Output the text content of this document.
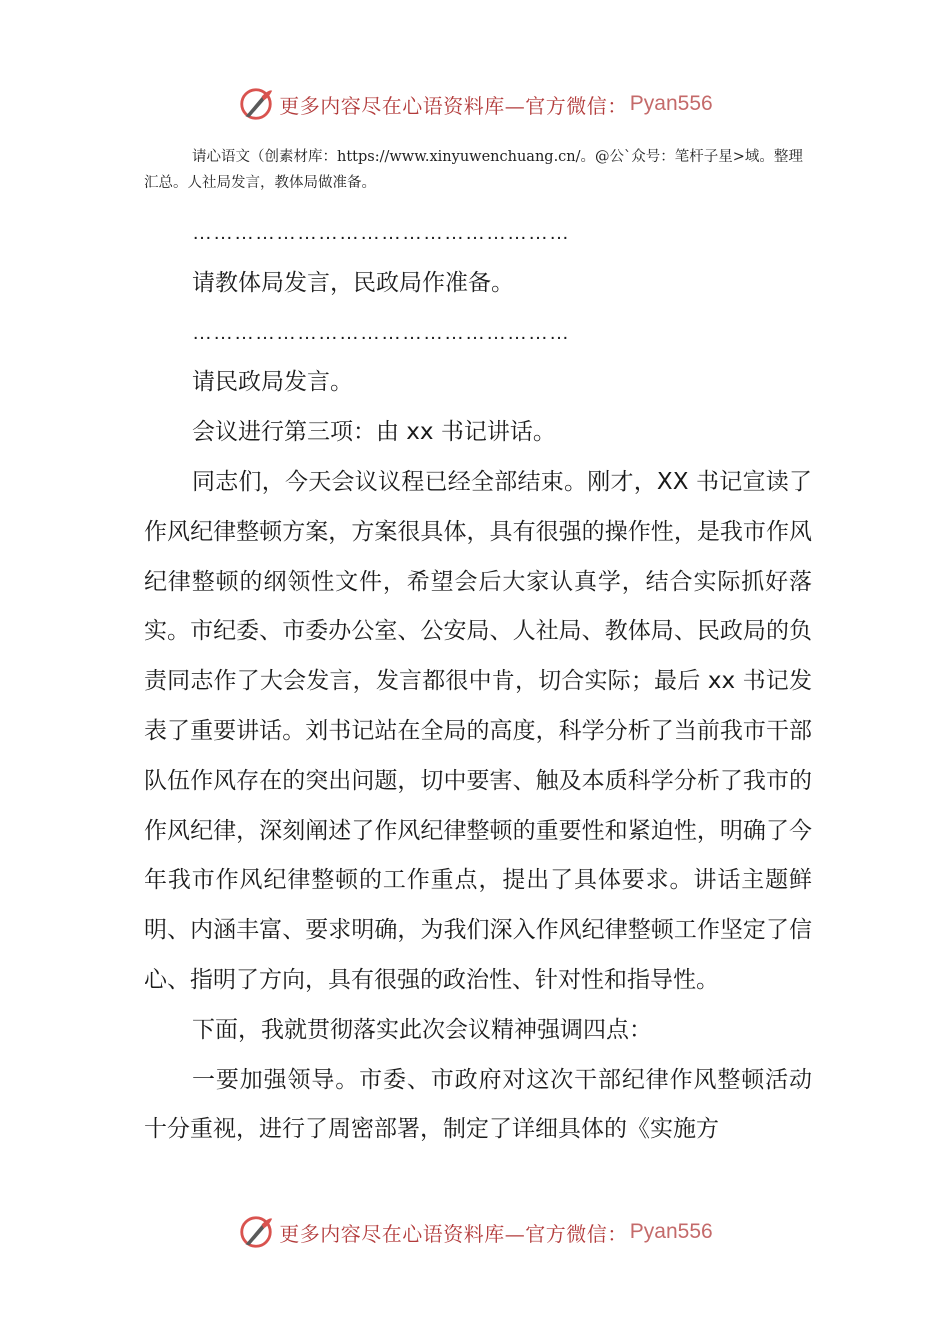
更多内容尽在心语资料库—官方微信： Pyan556

请心语文（创素材库：https://www.xinyuwenchuang.cn/。@公`众号：笔杆子星>域。整理汇总。人社局发言，教体局做准备。

………………………………………………

请教体局发言，民政局作准备。

………………………………………………

请民政局发言。

会议进行第三项：由 xx 书记讲话。

同志们，今天会议议程已经全部结束。刚才，XX 书记宣读了作风纪律整顿方案，方案很具体，具有很强的操作性，是我市作风纪律整顿的纲领性文件，希望会后大家认真学，结合实际抓好落实。市纪委、市委办公室、公安局、人社局、教体局、民政局的负责同志作了大会发言，发言都很中肯，切合实际；最后 xx 书记发表了重要讲话。刘书记站在全局的高度，科学分析了当前我市干部队伍作风存在的突出问题，切中要害、触及本质科学分析了我市的作风纪律，深刻阐述了作风纪律整顿的重要性和紧迫性，明确了今年我市作风纪律整顿的工作重点，提出了具体要求。讲话主题鲜明、内涵丰富、要求明确，为我们深入作风纪律整顿工作坚定了信心、指明了方向，具有很强的政治性、针对性和指导性。

下面，我就贯彻落实此次会议精神强调四点：

一要加强领导。市委、市政府对这次干部纪律作风整顿活动十分重视，进行了周密部署，制定了详细具体的《实施方

更多内容尽在心语资料库—官方微信： Pyan556
